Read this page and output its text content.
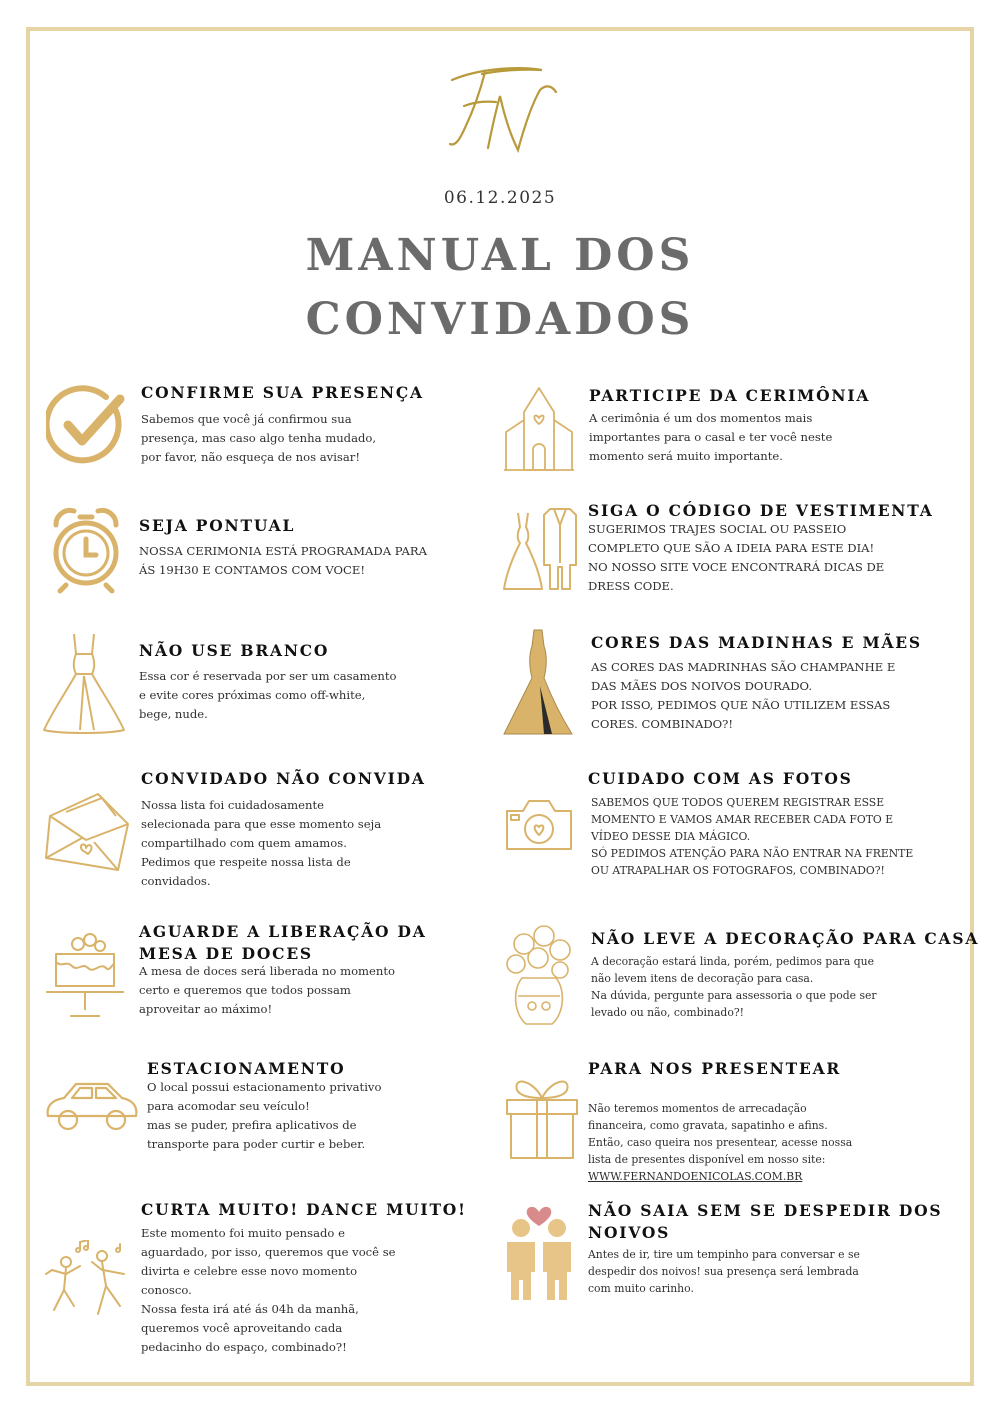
06.12.2025
MANUAL DOS
CONVIDADOS
CONFIRME SUA PRESENÇA
Sabemos que você já confirmou sua
presença, mas caso algo tenha mudado,
por favor, não esqueça de nos avisar!
SEJA PONTUAL
NOSSA CERIMONIA ESTÁ PROGRAMADA PARA
ÁS 19H30 E CONTAMOS COM VOCE!
NÃO USE BRANCO
Essa cor é reservada por ser um casamento
e evite cores próximas como off-white,
bege, nude.
CONVIDADO NÃO CONVIDA
Nossa lista foi cuidadosamente
selecionada para que esse momento seja
compartilhado com quem amamos.
Pedimos que respeite nossa lista de
convidados.
AGUARDE A LIBERAÇÃO DA MESA DE DOCES
A mesa de doces será liberada no momento
certo e queremos que todos possam
aproveitar ao máximo!
ESTACIONAMENTO
O local possui estacionamento privativo
para acomodar seu veículo!
mas se puder, prefira aplicativos de
transporte para poder curtir e beber.
CURTA MUITO! DANCE MUITO!
Este momento foi muito pensado e
aguardado, por isso, queremos que você se
divirta e celebre esse novo momento
conosco.
Nossa festa irá até ás 04h da manhã,
queremos você aproveitando cada
pedacinho do espaço, combinado?!
PARTICIPE DA CERIMÔNIA
A cerimônia é um dos momentos mais
importantes para o casal e ter você neste
momento será muito importante.
SIGA O CÓDIGO DE VESTIMENTA
SUGERIMOS TRAJES SOCIAL OU PASSEIO
COMPLETO QUE SÃO A IDEIA PARA ESTE DIA!
NO NOSSO SITE VOCE ENCONTRARÁ DICAS DE
DRESS CODE.
CORES DAS MADINHAS E MÃES
AS CORES DAS MADRINHAS SÃO CHAMPANHE E
DAS MÃES DOS NOIVOS DOURADO.
POR ISSO, PEDIMOS QUE NÃO UTILIZEM ESSAS
CORES. COMBINADO?!
CUIDADO COM AS FOTOS
SABEMOS QUE TODOS QUEREM REGISTRAR ESSE
MOMENTO E VAMOS AMAR RECEBER CADA FOTO E
VÍDEO DESSE DIA MÁGICO.
SÓ PEDIMOS ATENÇÃO PARA NÃO ENTRAR NA FRENTE
OU ATRAPALHAR OS FOTOGRAFOS, COMBINADO?!
NÃO LEVE A DECORAÇÃO PARA CASA
A decoração estará linda, porém, pedimos para que
não levem itens de decoração para casa.
Na dúvida, pergunte para assessoria o que pode ser
levado ou não, combinado?!
PARA NOS PRESENTEAR

Não teremos momentos de arrecadação
financeira, como gravata, sapatinho e afins.
Então, caso queira nos presentear, acesse nossa
lista de presentes disponível em nosso site:

WWW.FERNANDOENICOLAS.COM.BR

NÃO SAIA SEM SE DESPEDIR DOS NOIVOS
Antes de ir, tire um tempinho para conversar e se
despedir dos noivos! sua presença será lembrada
com muito carinho.
